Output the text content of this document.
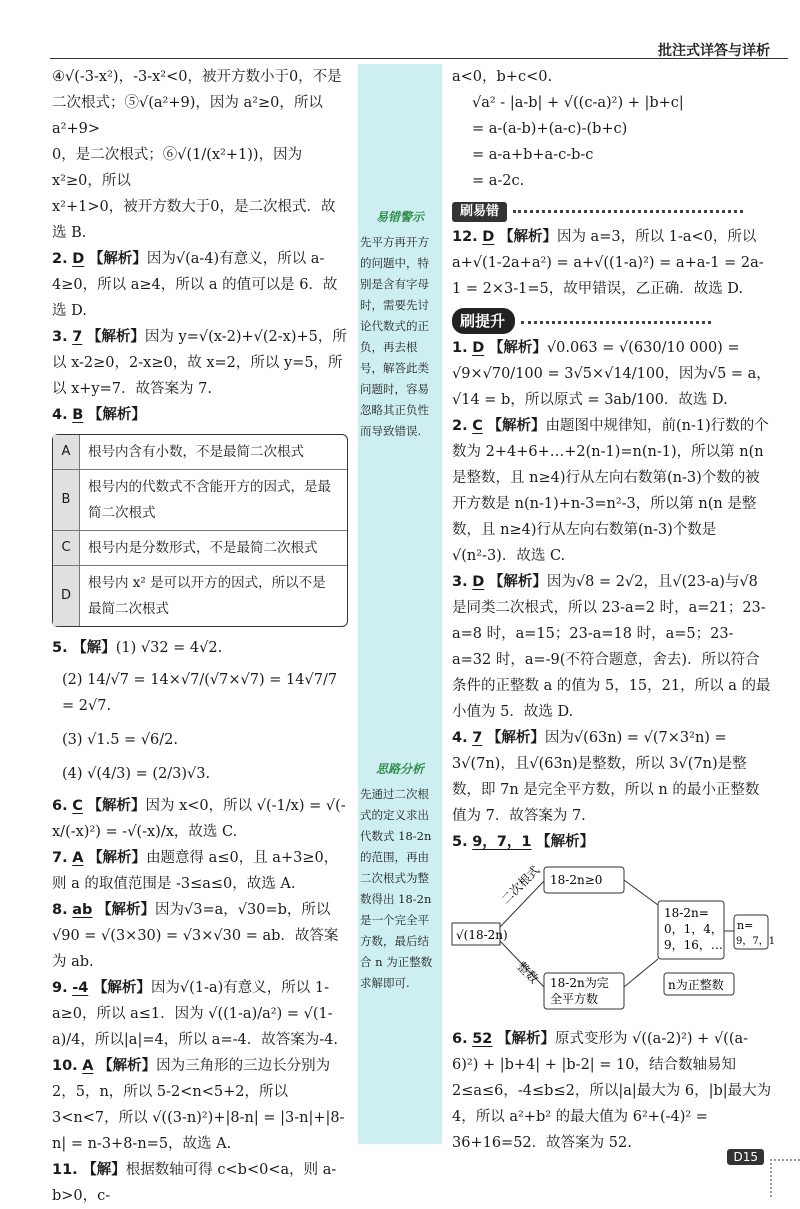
批注式详答与详析
易错警示
先平方再开方的问题中，特别是含有字母时，需要先讨论代数式的正负，再去根号，解答此类问题时，容易忽略其正负性而导致错误.
思路分析
先通过二次根式的定义求出代数式 18-2n 的范围，再由二次根式为整数得出 18-2n 是一个完全平方数，最后结合 n 为正整数求解即可.

④√(-3-x²)，-3-x²<0，被开方数小于0，不是

二次根式；⑤√(a²+9)，因为 a²≥0，所以 a²+9>

0，是二次根式；⑥√(1/(x²+1))，因为 x²≥0，所以

x²+1>0，被开方数大于0，是二次根式．故

选 B.

2. D 【解析】因为√(a-4)有意义，所以 a-4≥0，所以 a≥4，所以 a 的值可以是 6．故选 D.

3. 7 【解析】因为 y=√(x-2)+√(2-x)+5，所以 x-2≥0，2-x≥0，故 x=2，所以 y=5，所以 x+y=7．故答案为 7.

4. B 【解析】

A	根号内含有小数，不是最简二次根式
B
根号内的代数式不含能开方的因式，是最简二次根式
C	根号内是分数形式，不是最简二次根式
D
根号内 x² 是可以开方的因式，所以不是最简二次根式

5. 【解】(1) √32 = 4√2.

(2) 14/√7 = 14×√7/(√7×√7) = 14√7/7 = 2√7.

(3) √1.5 = √6/2.

(4) √(4/3) = (2/3)√3.

6. C 【解析】因为 x<0，所以 √(-1/x) = √(-x/(-x)²) = -√(-x)/x，故选 C.

7. A 【解析】由题意得 a≤0，且 a+3≥0，则 a 的取值范围是 -3≤a≤0，故选 A.

8. ab 【解析】因为√3=a，√30=b，所以 √90 = √(3×30) = √3×√30 = ab．故答案为 ab.

9. -4 【解析】因为√(1-a)有意义，所以 1-a≥0，所以 a≤1．因为 √((1-a)/a²) = √(1-a)/4，所以|a|=4，所以 a=-4．故答案为-4.

10. A 【解析】因为三角形的三边长分别为 2，5，n，所以 5-2<n<5+2，所以 3<n<7，所以 √((3-n)²)+|8-n| = |3-n|+|8-n| = n-3+8-n=5，故选 A.

11. 【解】根据数轴可得 c<b<0<a，则 a-b>0，c-

a<0，b+c<0.

√a² - |a-b| + √((c-a)²) + |b+c|

= a-(a-b)+(a-c)-(b+c)

= a-a+b+a-c-b-c

= a-2c.

刷易错

12. D 【解析】因为 a=3，所以 1-a<0，所以 a+√(1-2a+a²) = a+√((1-a)²) = a+a-1 = 2a-1 = 2×3-1=5，故甲错误，乙正确．故选 D.

刷提升

1. D 【解析】√0.063 = √(630/10 000) = √9×√70/100 = 3√5×√14/100，因为√5 = a，√14 = b，所以原式 = 3ab/100．故选 D.

2. C 【解析】由题图中规律知，前(n-1)行数的个数为 2+4+6+…+2(n-1)=n(n-1)，所以第 n(n 是整数，且 n≥4)行从左向右数第(n-3)个数的被开方数是 n(n-1)+n-3=n²-3，所以第 n(n 是整数，且 n≥4)行从左向右数第(n-3)个数是√(n²-3)．故选 C.

3. D 【解析】因为√8 = 2√2，且√(23-a)与√8是同类二次根式，所以 23-a=2 时，a=21；23-a=8 时，a=15；23-a=18 时，a=5；23-a=32 时，a=-9(不符合题意，舍去)．所以符合条件的正整数 a 的值为 5，15，21，所以 a 的最小值为 5．故选 D.

4. 7 【解析】因为√(63n) = √(7×3²n) = 3√(7n)，且√(63n)是整数，所以 3√(7n)是整数，即 7n 是完全平方数，所以 n 的最小正整数值为 7．故答案为 7.

5. 9，7，1 【解析】

√(18-2n)
二次根式
整数
18-2n≥0
18-2n为完
全平方数
18-2n=
0，1，4，
9，16，…
n=
9，7，1
n为正整数

6. 52 【解析】原式变形为 √((a-2)²) + √((a-6)²) + |b+4| + |b-2| = 10，结合数轴易知 2≤a≤6，-4≤b≤2，所以|a|最大为 6，|b|最大为 4，所以 a²+b² 的最大值为 6²+(-4)² = 36+16=52．故答案为 52.

D15
